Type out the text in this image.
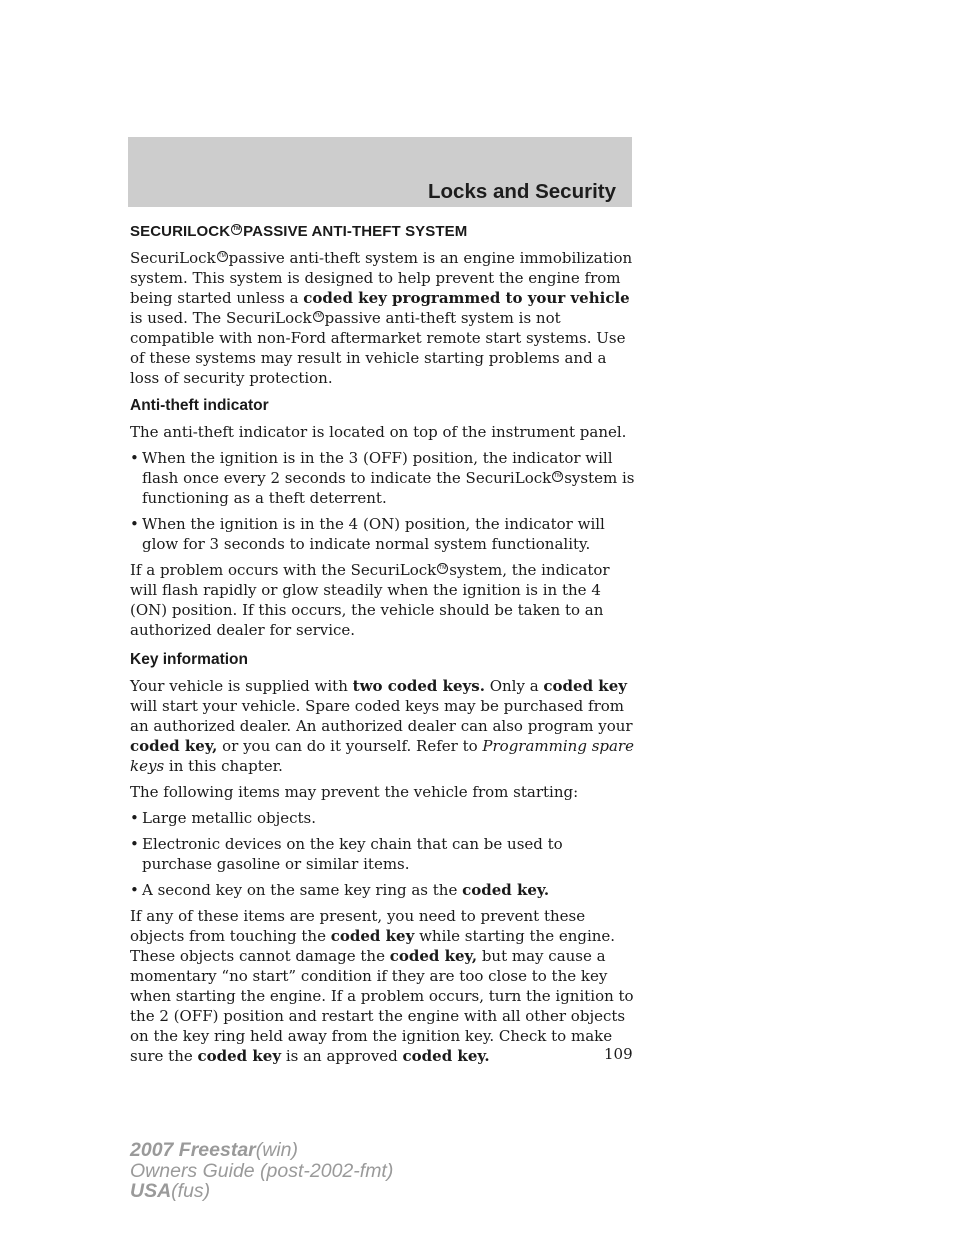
Locks and Security
SECURILOCK TM PASSIVE ANTI-THEFT SYSTEM

SecuriLock TM passive anti-theft system is an engine immobilization system. This system is designed to help prevent the engine from being started unless a coded key programmed to your vehicle is used. The SecuriLock TM passive anti-theft system is not compatible with non-Ford aftermarket remote start systems. Use of these systems may result in vehicle starting problems and a loss of security protection.

Anti-theft indicator

The anti-theft indicator is located on top of the instrument panel.

• When the ignition is in the 3 (OFF) position, the indicator will flash once every 2 seconds to indicate the SecuriLock TM system is functioning as a theft deterrent.
• When the ignition is in the 4 (ON) position, the indicator will glow for 3 seconds to indicate normal system functionality.

If a problem occurs with the SecuriLock TM system, the indicator will flash rapidly or glow steadily when the ignition is in the 4 (ON) position. If this occurs, the vehicle should be taken to an authorized dealer for service.

Key information

Your vehicle is supplied with two coded keys. Only a coded key will start your vehicle. Spare coded keys may be purchased from an authorized dealer. An authorized dealer can also program your coded key, or you can do it yourself. Refer to Programming spare keys in this chapter.

The following items may prevent the vehicle from starting:

• Large metallic objects.
• Electronic devices on the key chain that can be used to purchase gasoline or similar items.
• A second key on the same key ring as the coded key.

If any of these items are present, you need to prevent these objects from touching the coded key while starting the engine. These objects cannot damage the coded key, but may cause a momentary “no start” condition if they are too close to the key when starting the engine. If a problem occurs, turn the ignition to the 2 (OFF) position and restart the engine with all other objects on the key ring held away from the ignition key. Check to make sure the coded key is an approved coded key.	109
2007 Freestar(win)
Owners Guide (post-2002-fmt)
USA(fus)
